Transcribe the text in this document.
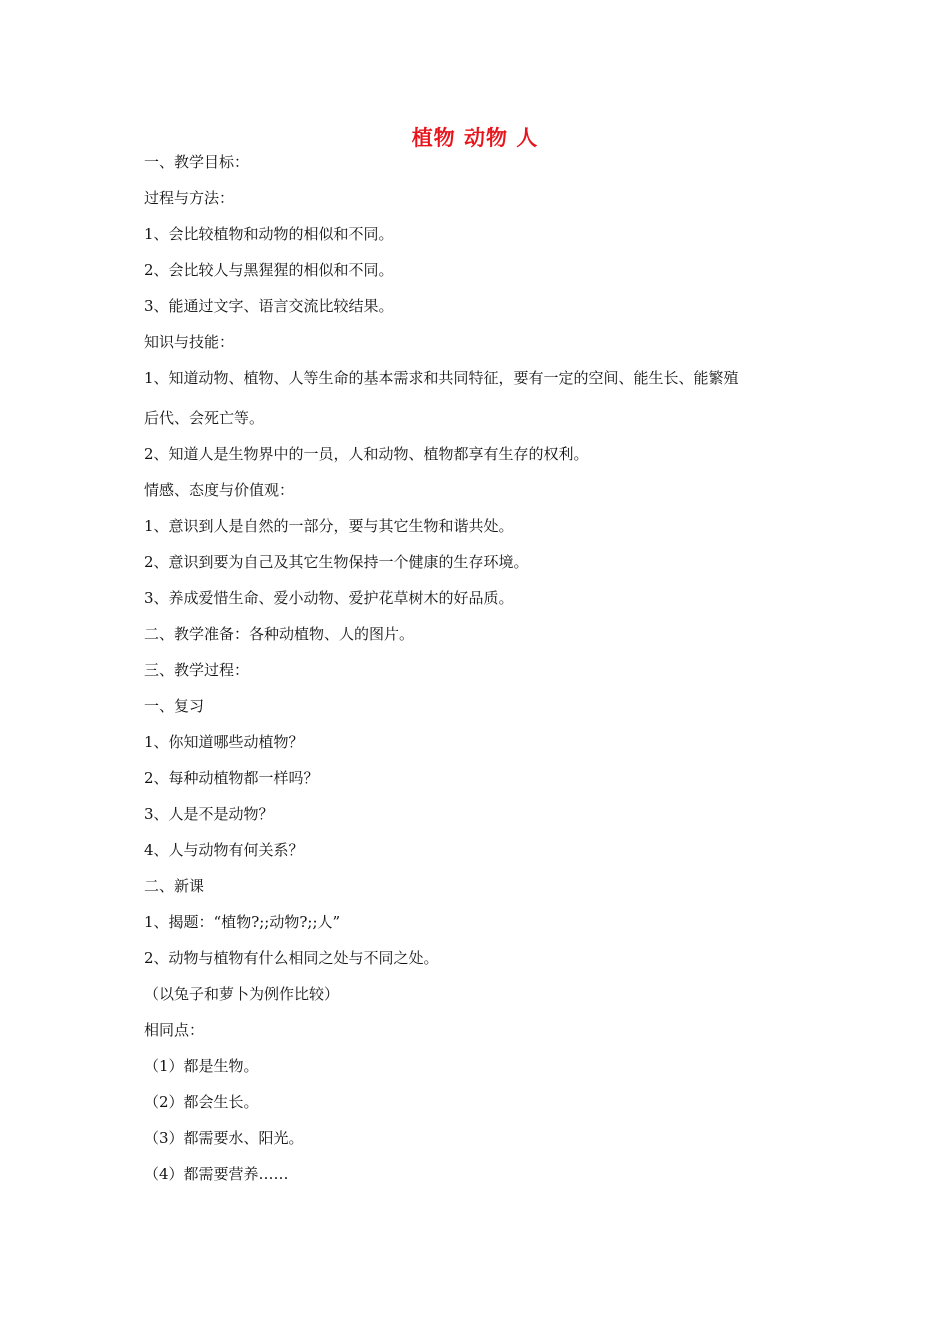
植物 动物 人
一、教学目标：
过程与方法：
1、会比较植物和动物的相似和不同。
2、会比较人与黑猩猩的相似和不同。
3、能通过文字、语言交流比较结果。
知识与技能：
1、知道动物、植物、人等生命的基本需求和共同特征，要有一定的空间、能生长、能繁殖
后代、会死亡等。
2、知道人是生物界中的一员，人和动物、植物都享有生存的权利。
情感、态度与价值观：
1、意识到人是自然的一部分，要与其它生物和谐共处。
2、意识到要为自己及其它生物保持一个健康的生存环境。
3、养成爱惜生命、爱小动物、爱护花草树木的好品质。
二、教学准备：各种动植物、人的图片。
三、教学过程：
一、复习
1、你知道哪些动植物？
2、每种动植物都一样吗？
3、人是不是动物？
4、人与动物有何关系？
二、新课
1、揭题：“植物?;;动物?;;人”
2、动物与植物有什么相同之处与不同之处。
（以兔子和萝卜为例作比较）
相同点：
（1）都是生物。
（2）都会生长。
（3）都需要水、阳光。
（4）都需要营养……
